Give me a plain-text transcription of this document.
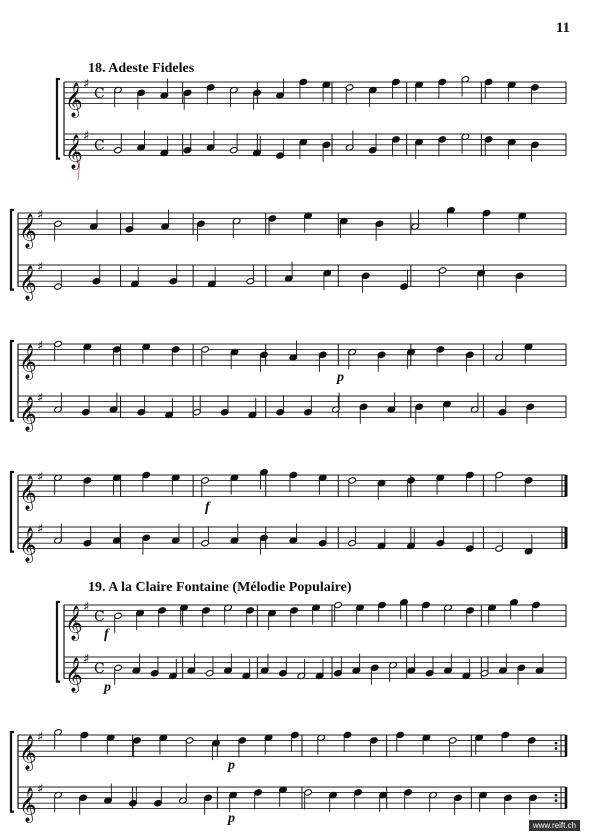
11
18. Adeste Fideles
19. A la Claire Fontaine (Mélodie Populaire)
𝄞 ♯
C
𝄞 ♯
C
𝄞 ♯
𝄞 ♯
𝄞 ♯
𝄞 ♯
𝄞 ♯
𝄞 ♯
𝄞 ♯
C
𝄞 ♯
C
𝄞 ♯
𝄞 ♯
p
f
f
p
p
p	www.reift.ch
